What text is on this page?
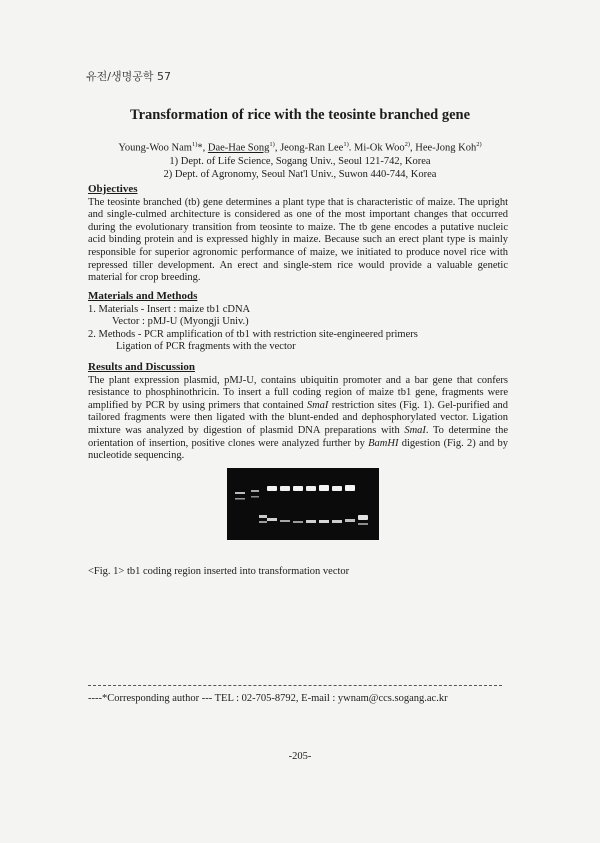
유전/생명공학 57
Transformation of rice with the teosinte branched gene
Young-Woo Nam$^{1)}$*, Dae-Hae Song$^{1)}$, Jeong-Ran Lee$^{1)}$. Mi-Ok Woo$^{2)}$, Hee-Jong Koh$^{2)}$
1) Dept. of Life Science, Sogang Univ., Seoul 121-742, Korea
2) Dept. of Agronomy, Seoul Nat'l Univ., Suwon 440-744, Korea
Objectives
The teosinte branched (tb) gene determines a plant type that is characteristic of maize. The upright and single-culmed architecture is considered as one of the most important changes that occurred during the evolutionary transition from teosinte to maize. The tb gene encodes a putative nucleic acid binding protein and is expressed highly in maize. Because such an erect plant type is mainly responsible for superior agronomic performance of maize, we initiated to produce novel rice with repressed tiller development. An erect and single-stem rice would provide a valuable genetic material for crop breeding.
Materials and Methods
1. Materials - Insert : maize tb1 cDNA
Vector : pMJ-U (Myongji Univ.)
2. Methods - PCR amplification of tb1 with restriction site-engineered primers
Ligation of PCR fragments with the vector
Results and Discussion
The plant expression plasmid, pMJ-U, contains ubiquitin promoter and a bar gene that confers resistance to phosphinothricin. To insert a full coding region of maize tb1 gene, fragments were amplified by PCR by using primers that contained SmaI restriction sites (Fig. 1). Gel-purified and tailored fragments were then ligated with the blunt-ended and dephosphorylated vector. Ligation mixture was analyzed by digestion of plasmid DNA preparations with SmaI. To determine the orientation of insertion, positive clones were analyzed further by BamHI digestion (Fig. 2) and by nucleotide sequencing.
<Fig. 1> tb1 coding region inserted into transformation vector
----*Corresponding author --- TEL : 02-705-8792, E-mail : ywnam@ccs.sogang.ac.kr
-205-
